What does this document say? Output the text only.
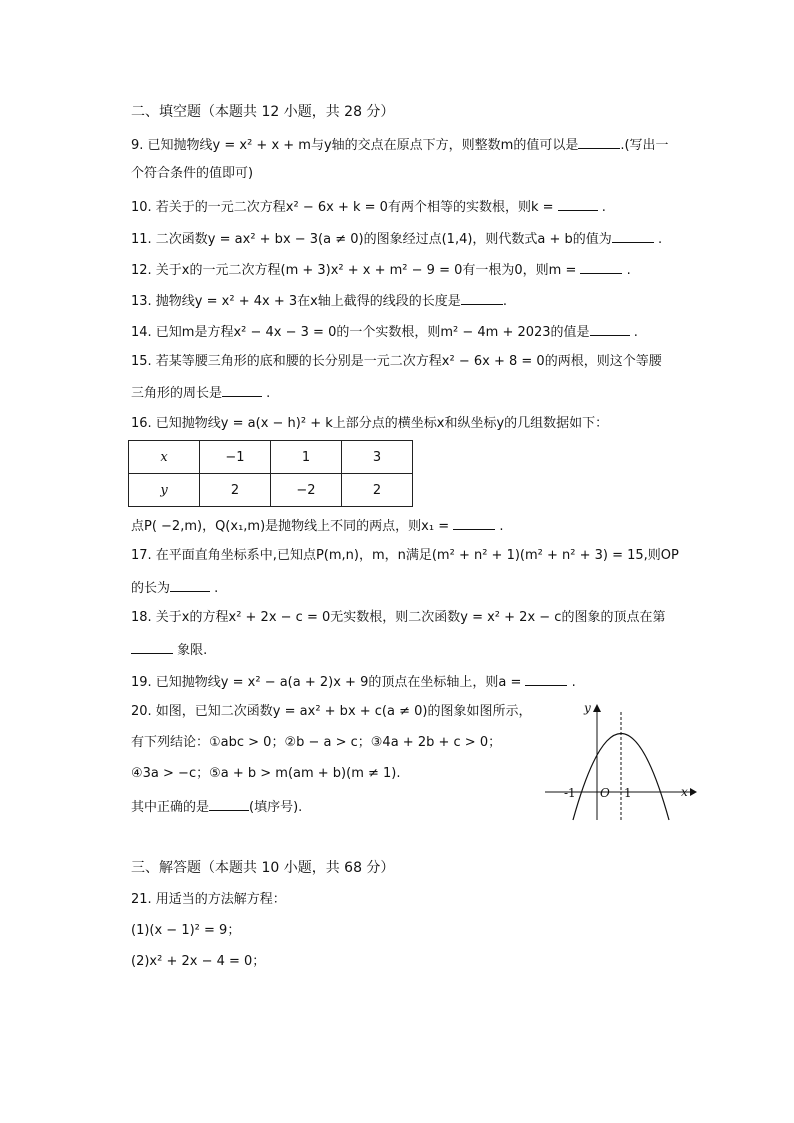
二、填空题（本题共 12 小题，共 28 分）
9. 已知抛物线y = x² + x + m与y轴的交点在原点下方，则整数m的值可以是	.(写出一
个符合条件的值即可)
10. 若关于的一元二次方程x² − 6x + k = 0有两个相等的实数根，则k =	.
11. 二次函数y = ax² + bx − 3(a ≠ 0)的图象经过点(1,4)，则代数式a + b的值为	.
12. 关于x的一元二次方程(m + 3)x² + x + m² − 9 = 0有一根为0，则m =	.
13. 抛物线y = x² + 4x + 3在x轴上截得的线段的长度是	.
14. 已知m是方程x² − 4x − 3 = 0的一个实数根，则m² − 4m + 2023的值是	.
15. 若某等腰三角形的底和腰的长分别是一元二次方程x² − 6x + 8 = 0的两根，则这个等腰
三角形的周长是	.
16. 已知抛物线y = a(x − h)² + k上部分点的横坐标x和纵坐标y的几组数据如下：
x	−1	1	3
y	2	−2	2
点P( −2,m)，Q(x₁,m)是抛物线上不同的两点，则x₁ =	.
17. 在平面直角坐标系中,已知点P(m,n)，m，n满足(m² + n² + 1)(m² + n² + 3) = 15,则OP
的长为	.
18. 关于x的方程x² + 2x − c = 0无实数根，则二次函数y = x² + 2x − c的图象的顶点在第
象限.
19. 已知抛物线y = x² − a(a + 2)x + 9的顶点在坐标轴上，则a =	.
20. 如图，已知二次函数y = ax² + bx + c(a ≠ 0)的图象如图所示，
有下列结论：①abc > 0；②b − a > c；③4a + 2b + c > 0；
④3a > −c；⑤a + b > m(am + b)(m ≠ 1).
其中正确的是	(填序号).
y
x
O
-1	1
三、解答题（本题共 10 小题，共 68 分）
21. 用适当的方法解方程：
(1)(x − 1)² = 9；
(2)x² + 2x − 4 = 0；
